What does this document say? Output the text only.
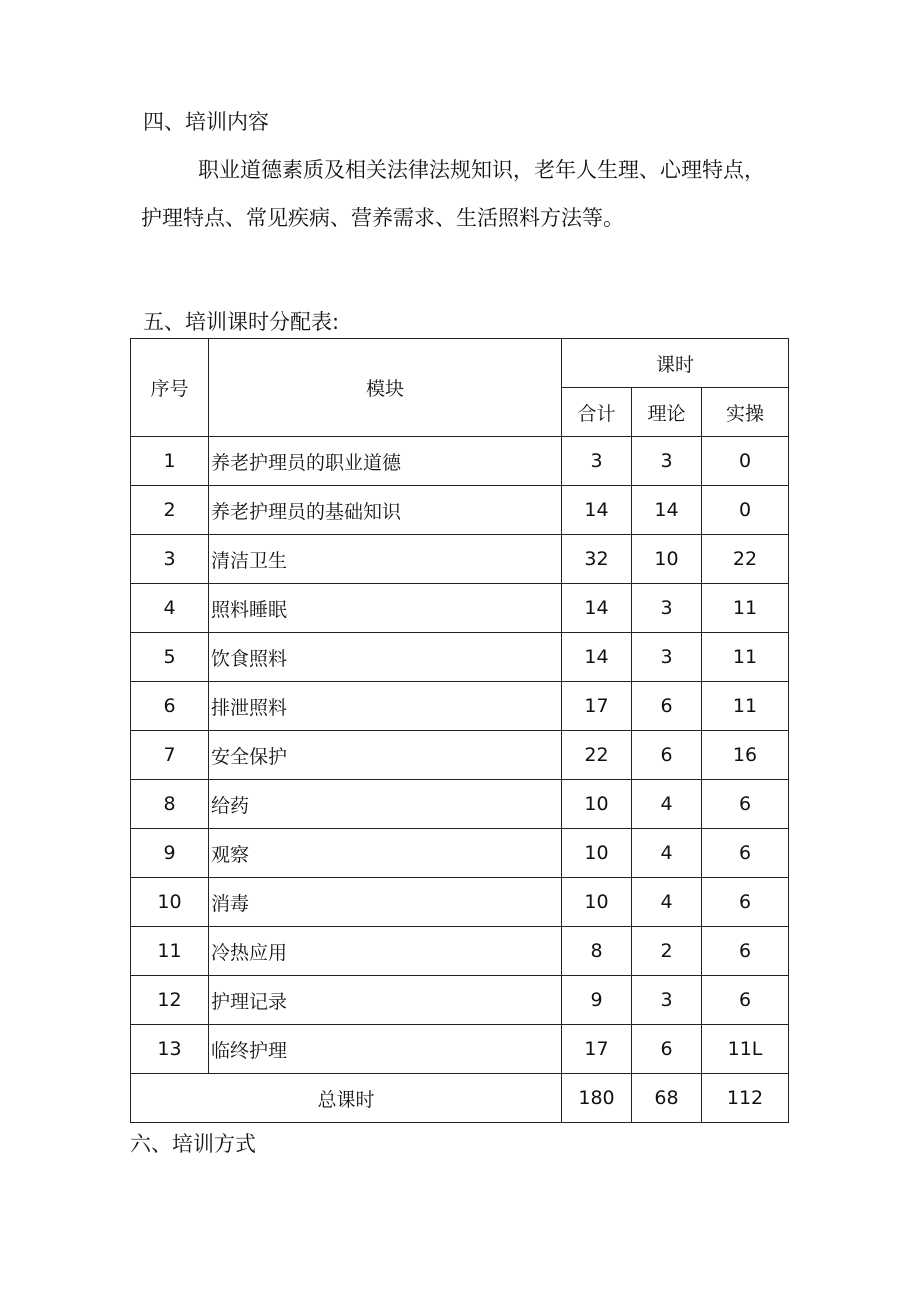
四、培训内容
职业道德素质及相关法律法规知识，老年人生理、心理特点，
护理特点、常见疾病、营养需求、生活照料方法等。
五、培训课时分配表:
序号	模块	课时		
		合计	理论	实操
1	养老护理员的职业道德	3	3	0
2	养老护理员的基础知识	14	14	0
3	清洁卫生	32	10	22
4	照料睡眠	14	3	11
5	饮食照料	14	3	11
6	排泄照料	17	6	11
7	安全保护	22	6	16
8	给药	10	4	6
9	观察	10	4	6
10	消毒	10	4	6
11	冷热应用	8	2	6
12	护理记录	9	3	6
13	临终护理	17	6	11L
总课时		180	68	112
六、培训方式
